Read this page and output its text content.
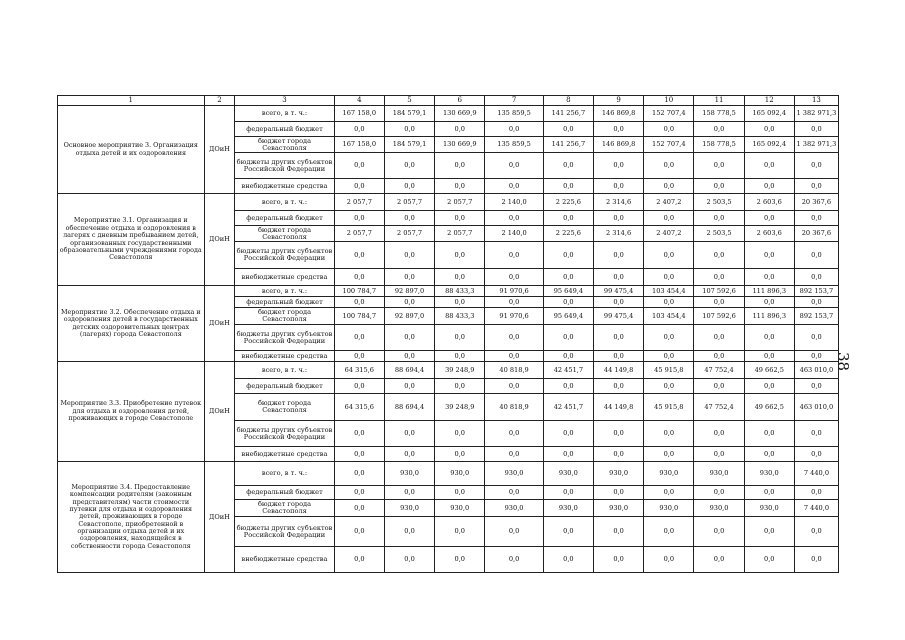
38
1	2	3	4	5	6	7	8	9	10	11	12	13
Основное мероприятие 3. Организация отдыха детей и их оздоровления	ДОиН	всего, в т. ч.:	167 158,0	184 579,1	130 669,9	135 859,5	141 256,7	146 869,8	152 707,4	158 778,5	165 092,4	1 382 971,3
		федеральный бюджет	0,0	0,0	0,0	0,0	0,0	0,0	0,0	0,0	0,0	0,0
		бюджет города Севастополя	167 158,0	184 579,1	130 669,9	135 859,5	141 256,7	146 869,8	152 707,4	158 778,5	165 092,4	1 382 971,3
		бюджеты других субъектов Российской Федерации	0,0	0,0	0,0	0,0	0,0	0,0	0,0	0,0	0,0	0,0
		внебюджетные средства	0,0	0,0	0,0	0,0	0,0	0,0	0,0	0,0	0,0	0,0
Мероприятие 3.1. Организация и обеспечение отдыха и оздоровления в лагерях с дневным пребыванием детей, организованных государственными образовательными учреждениями города Севастополя	ДОиН	всего, в т. ч.:	2 057,7	2 057,7	2 057,7	2 140,0	2 225,6	2 314,6	2 407,2	2 503,5	2 603,6	20 367,6
		федеральный бюджет	0,0	0,0	0,0	0,0	0,0	0,0	0,0	0,0	0,0	0,0
		бюджет города Севастополя	2 057,7	2 057,7	2 057,7	2 140,0	2 225,6	2 314,6	2 407,2	2 503,5	2 603,6	20 367,6
		бюджеты других субъектов Российской Федерации	0,0	0,0	0,0	0,0	0,0	0,0	0,0	0,0	0,0	0,0
		внебюджетные средства	0,0	0,0	0,0	0,0	0,0	0,0	0,0	0,0	0,0	0,0
Мероприятие 3.2. Обеспечение отдыха и оздоровления детей в государственных детских оздоровительных центрах (лагерях) города Севастополя	ДОиН	всего, в т. ч.:	100 784,7	92 897,0	88 433,3	91 970,6	95 649,4	99 475,4	103 454,4	107 592,6	111 896,3	892 153,7
		федеральный бюджет	0,0	0,0	0,0	0,0	0,0	0,0	0,0	0,0	0,0	0,0
		бюджет города Севастополя	100 784,7	92 897,0	88 433,3	91 970,6	95 649,4	99 475,4	103 454,4	107 592,6	111 896,3	892 153,7
		бюджеты других субъектов Российской Федерации	0,0	0,0	0,0	0,0	0,0	0,0	0,0	0,0	0,0	0,0
		внебюджетные средства	0,0	0,0	0,0	0,0	0,0	0,0	0,0	0,0	0,0	0,0
Мероприятие 3.3. Приобретение путевок для отдыха и оздоровления детей, проживающих в городе Севастополе	ДОиН	всего, в т. ч.:	64 315,6	88 694,4	39 248,9	40 818,9	42 451,7	44 149,8	45 915,8	47 752,4	49 662,5	463 010,0
		федеральный бюджет	0,0	0,0	0,0	0,0	0,0	0,0	0,0	0,0	0,0	0,0
		бюджет города Севастополя	64 315,6	88 694,4	39 248,9	40 818,9	42 451,7	44 149,8	45 915,8	47 752,4	49 662,5	463 010,0
		бюджеты других субъектов Российской Федерации	0,0	0,0	0,0	0,0	0,0	0,0	0,0	0,0	0,0	0,0
		внебюджетные средства	0,0	0,0	0,0	0,0	0,0	0,0	0,0	0,0	0,0	0,0
Мероприятие 3.4. Предоставление компенсации родителям (законным представителям) части стоимости путевки для отдыха и оздоровления детей, проживающих в городе Севастополе, приобретенной в организации отдыха детей и их оздоровления, находящейся в собственности города Севастополя	ДОиН	всего, в т. ч.:	0,0	930,0	930,0	930,0	930,0	930,0	930,0	930,0	930,0	7 440,0
		федеральный бюджет	0,0	0,0	0,0	0,0	0,0	0,0	0,0	0,0	0,0	0,0
		бюджет города Севастополя	0,0	930,0	930,0	930,0	930,0	930,0	930,0	930,0	930,0	7 440,0
		бюджеты других субъектов Российской Федерации	0,0	0,0	0,0	0,0	0,0	0,0	0,0	0,0	0,0	0,0
		внебюджетные средства	0,0	0,0	0,0	0,0	0,0	0,0	0,0	0,0	0,0	0,0
